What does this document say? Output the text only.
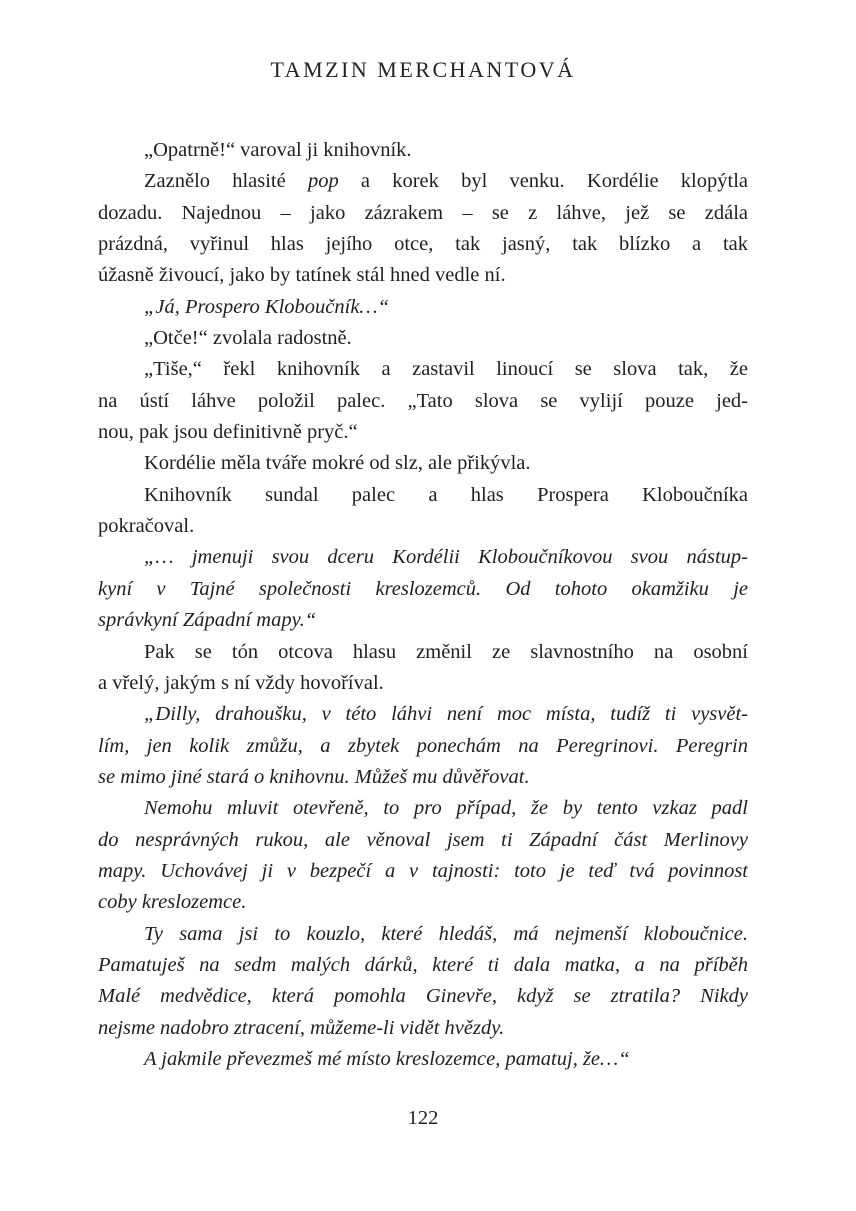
TAMZIN MERCHANTOVÁ
„Opatrně!“ varoval ji knihovník.
Zaznělo hlasité pop a korek byl venku. Kordélie klopýtla
dozadu. Najednou – jako zázrakem – se z láhve, jež se zdála
prázdná, vyřinul hlas jejího otce, tak jasný, tak blízko a tak
úžasně živoucí, jako by tatínek stál hned vedle ní.
„Já, Prospero Kloboučník…“
„Otče!“ zvolala radostně.
„Tiše,“ řekl knihovník a zastavil linoucí se slova tak, že
na ústí láhve položil palec. „Tato slova se vylijí pouze jed-
nou, pak jsou definitivně pryč.“
Kordélie měla tváře mokré od slz, ale přikývla.
Knihovník sundal palec a hlas Prospera Kloboučníka
pokračoval.
„… jmenuji svou dceru Kordélii Kloboučníkovou svou nástup-
kyní v Tajné společnosti kreslozemců. Od tohoto okamžiku je
správkyní Západní mapy.“
Pak se tón otcova hlasu změnil ze slavnostního na osobní
a vřelý, jakým s ní vždy hovoříval.
„Dilly, drahoušku, v této láhvi není moc místa, tudíž ti vysvět-
lím, jen kolik zmůžu, a zbytek ponechám na Peregrinovi. Peregrin
se mimo jiné stará o knihovnu. Můžeš mu důvěřovat.
Nemohu mluvit otevřeně, to pro případ, že by tento vzkaz padl
do nesprávných rukou, ale věnoval jsem ti Západní část Merlinovy
mapy. Uchovávej ji v bezpečí a v tajnosti: toto je teď tvá povinnost
coby kreslozemce.
Ty sama jsi to kouzlo, které hledáš, má nejmenší kloboučnice.
Pamatuješ na sedm malých dárků, které ti dala matka, a na příběh
Malé medvědice, která pomohla Ginevře, když se ztratila? Nikdy
nejsme nadobro ztracení, můžeme-li vidět hvězdy.
A jakmile převezmeš mé místo kreslozemce, pamatuj, že…“
122
